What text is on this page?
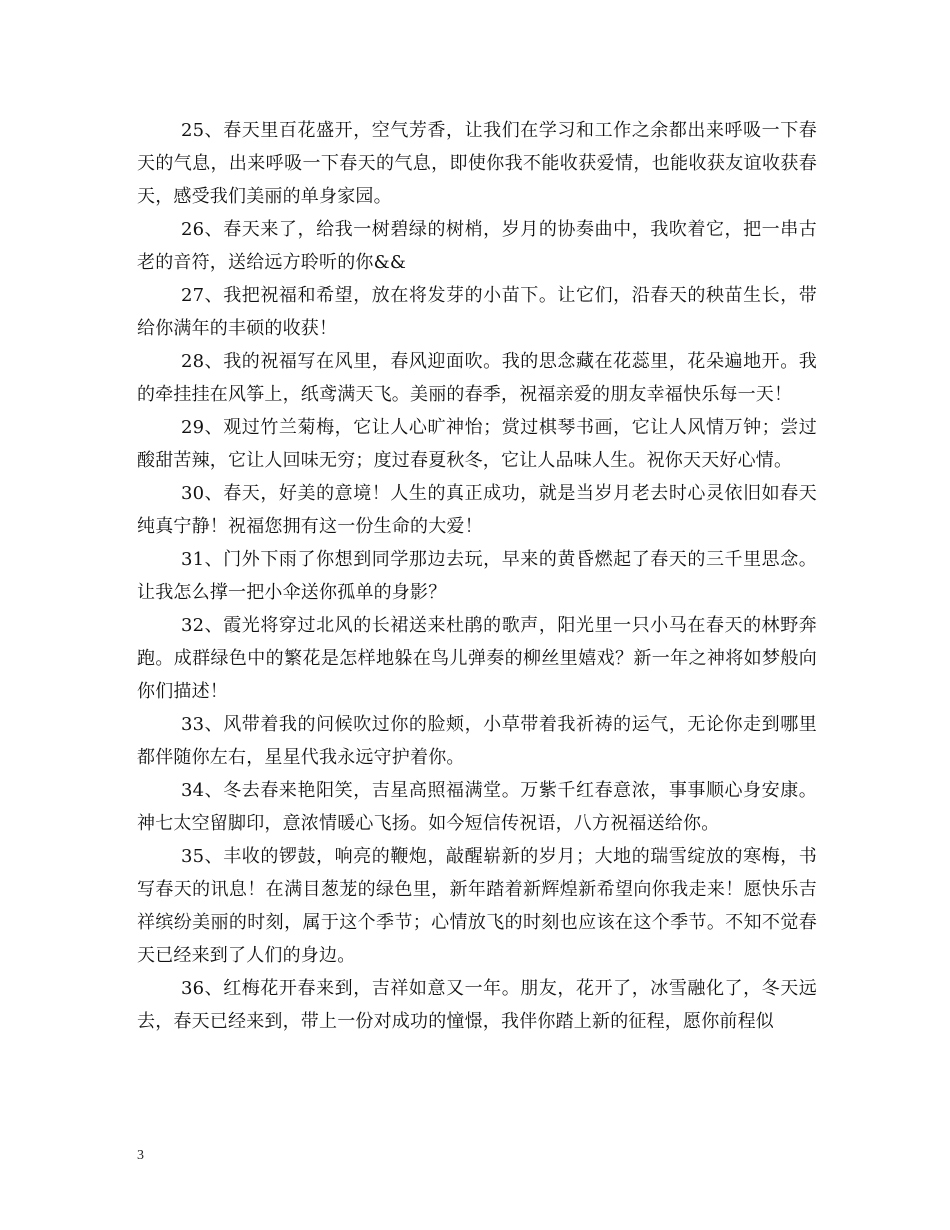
25、春天里百花盛开，空气芳香，让我们在学习和工作之余都出来呼吸一下春天的气息，出来呼吸一下春天的气息，即使你我不能收获爱情，也能收获友谊收获春天，感受我们美丽的单身家园。

26、春天来了，给我一树碧绿的树梢，岁月的协奏曲中，我吹着它，把一串古老的音符，送给远方聆听的你&&

27、我把祝福和希望，放在将发芽的小苗下。让它们，沿春天的秧苗生长，带给你满年的丰硕的收获！

28、我的祝福写在风里，春风迎面吹。我的思念藏在花蕊里，花朵遍地开。我的牵挂挂在风筝上，纸鸢满天飞。美丽的春季，祝福亲爱的朋友幸福快乐每一天！

29、观过竹兰菊梅，它让人心旷神怡；赏过棋琴书画，它让人风情万钟；尝过酸甜苦辣，它让人回味无穷；度过春夏秋冬，它让人品味人生。祝你天天好心情。

30、春天，好美的意境！人生的真正成功，就是当岁月老去时心灵依旧如春天纯真宁静！祝福您拥有这一份生命的大爱！

31、门外下雨了你想到同学那边去玩，早来的黄昏燃起了春天的三千里思念。让我怎么撑一把小伞送你孤单的身影？

32、霞光将穿过北风的长裙送来杜鹃的歌声，阳光里一只小马在春天的林野奔跑。成群绿色中的繁花是怎样地躲在鸟儿弹奏的柳丝里嬉戏？新一年之神将如梦般向你们描述！

33、风带着我的问候吹过你的脸颊，小草带着我祈祷的运气，无论你走到哪里都伴随你左右，星星代我永远守护着你。

34、冬去春来艳阳笑，吉星高照福满堂。万紫千红春意浓，事事顺心身安康。神七太空留脚印，意浓情暖心飞扬。如今短信传祝语，八方祝福送给你。

35、丰收的锣鼓，响亮的鞭炮，敲醒崭新的岁月；大地的瑞雪绽放的寒梅，书写春天的讯息！在满目葱茏的绿色里，新年踏着新辉煌新希望向你我走来！愿快乐吉祥缤纷美丽的时刻，属于这个季节；心情放飞的时刻也应该在这个季节。不知不觉春天已经来到了人们的身边。

36、红梅花开春来到，吉祥如意又一年。朋友，花开了，冰雪融化了，冬天远去，春天已经来到，带上一份对成功的憧憬，我伴你踏上新的征程，愿你前程似

3
